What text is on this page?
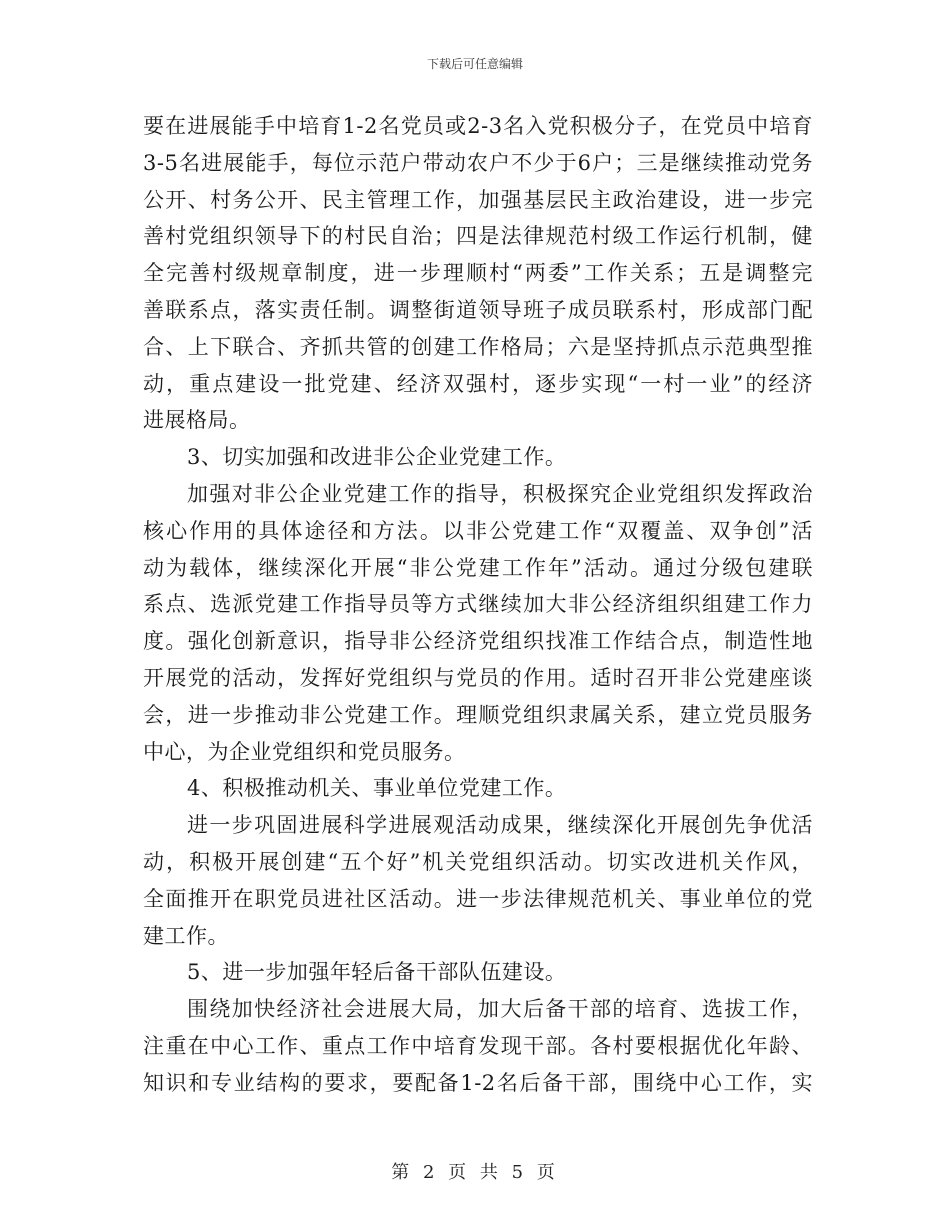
下载后可任意编辑
要在进展能手中培育1-2名党员或2-3名入党积极分子，在党员中培育
3-5名进展能手，每位示范户带动农户不少于6户；三是继续推动党务
公开、村务公开、民主管理工作，加强基层民主政治建设，进一步完
善村党组织领导下的村民自治；四是法律规范村级工作运行机制，健
全完善村级规章制度，进一步理顺村“两委”工作关系；五是调整完
善联系点，落实责任制。调整街道领导班子成员联系村，形成部门配
合、上下联合、齐抓共管的创建工作格局；六是坚持抓点示范典型推
动，重点建设一批党建、经济双强村，逐步实现“一村一业”的经济
进展格局。
3、切实加强和改进非公企业党建工作。
加强对非公企业党建工作的指导，积极探究企业党组织发挥政治
核心作用的具体途径和方法。以非公党建工作“双覆盖、双争创”活
动为载体，继续深化开展“非公党建工作年”活动。通过分级包建联
系点、选派党建工作指导员等方式继续加大非公经济组织组建工作力
度。强化创新意识，指导非公经济党组织找准工作结合点，制造性地
开展党的活动，发挥好党组织与党员的作用。适时召开非公党建座谈
会，进一步推动非公党建工作。理顺党组织隶属关系，建立党员服务
中心，为企业党组织和党员服务。
4、积极推动机关、事业单位党建工作。
进一步巩固进展科学进展观活动成果，继续深化开展创先争优活
动，积极开展创建“五个好”机关党组织活动。切实改进机关作风，
全面推开在职党员进社区活动。进一步法律规范机关、事业单位的党
建工作。
5、进一步加强年轻后备干部队伍建设。
围绕加快经济社会进展大局，加大后备干部的培育、选拔工作，
注重在中心工作、重点工作中培育发现干部。各村要根据优化年龄、
知识和专业结构的要求，要配备1-2名后备干部，围绕中心工作，实
第 2 页 共 5 页
